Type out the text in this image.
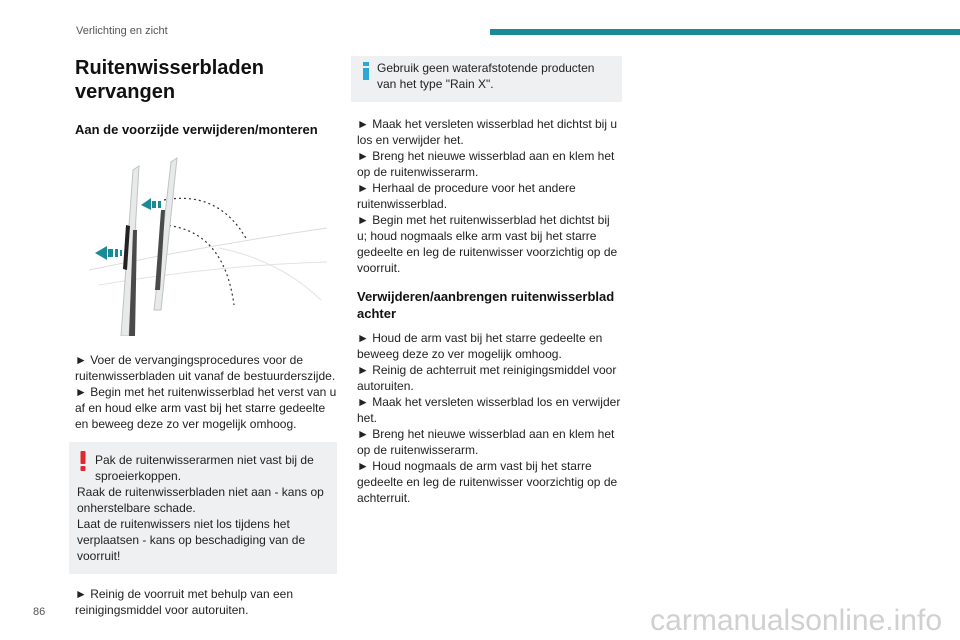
Verlichting en zicht
Ruitenwisserbladen
vervangen
Aan de voorzijde verwijderen/monteren

► Voer de vervangingsprocedures voor de ruitenwisserbladen uit vanaf de bestuurderszijde.

► Begin met het ruitenwisserblad het verst van u af en houd elke arm vast bij het starre gedeelte en beweeg deze zo ver mogelijk omhoog.

Pak de ruitenwisserarmen niet vast bij de sproeierkoppen.

Raak de ruitenwisserbladen niet aan - kans op onherstelbare schade.

Laat de ruitenwissers niet los tijdens het verplaatsen - kans op beschadiging van de voorruit!

► Reinig de voorruit met behulp van een reinigingsmiddel voor autoruiten.

Gebruik geen waterafstotende producten van het type "Rain X".

► Maak het versleten wisserblad het dichtst bij u los en verwijder het.

► Breng het nieuwe wisserblad aan en klem het op de ruitenwisserarm.

► Herhaal de procedure voor het andere ruitenwisserblad.

► Begin met het ruitenwisserblad het dichtst bij u; houd nogmaals elke arm vast bij het starre gedeelte en leg de ruitenwisser voorzichtig op de voorruit.

Verwijderen/aanbrengen ruitenwisserblad achter

► Houd de arm vast bij het starre gedeelte en beweeg deze zo ver mogelijk omhoog.

► Reinig de achterruit met reinigingsmiddel voor autoruiten.

► Maak het versleten wisserblad los en verwijder het.

► Breng het nieuwe wisserblad aan en klem het op de ruitenwisserarm.

► Houd nogmaals de arm vast bij het starre gedeelte en leg de ruitenwisser voorzichtig op de achterruit.

86	carmanualsonline.info
